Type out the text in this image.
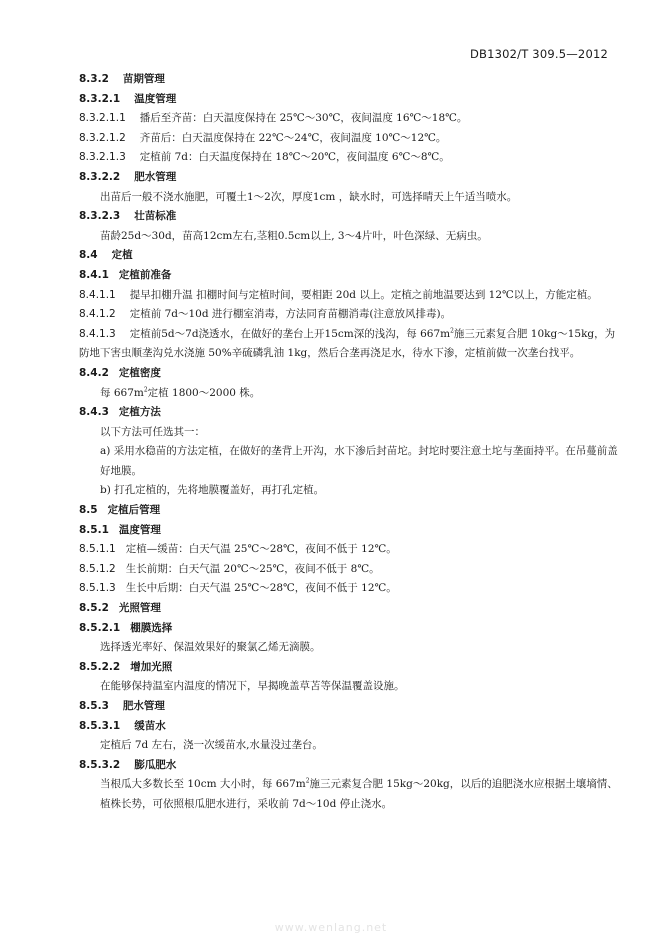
DB1302/T 309.5—2012
8.3.2 苗期管理
8.3.2.1 温度管理
8.3.2.1.1 播后至齐苗：白天温度保持在 25℃～30℃，夜间温度 16℃～18℃。
8.3.2.1.2 齐苗后：白天温度保持在 22℃～24℃，夜间温度 10℃～12℃。
8.3.2.1.3 定植前 7d：白天温度保持在 18℃～20℃，夜间温度 6℃～8℃。
8.3.2.2 肥水管理
出苗后一般不浇水施肥，可覆土1～2次，厚度1cm ，缺水时，可选择晴天上午适当喷水。
8.3.2.3 壮苗标准
苗龄25d～30d，苗高12cm左右,茎粗0.5cm以上, 3～4片叶，叶色深绿、无病虫。
8.4 定植
8.4.1 定植前准备
8.4.1.1 提早扣棚升温 扣棚时间与定植时间，要相距 20d 以上。定植之前地温要达到 12℃以上，方能定植。
8.4.1.2 定植前 7d～10d 进行棚室消毒，方法同育苗棚消毒(注意放风排毒)。
8.4.1.3 定植前5d～7d浇透水，在做好的垄台上开15cm深的浅沟，每 $667m^2$施三元素复合肥 10kg～15kg，为防地下害虫顺垄沟兑水浇施 50%辛硫磷乳油 1kg，然后合垄再浇足水，待水下渗，定植前做一次垄台找平。
8.4.2 定植密度
每 $667m^2$定植 1800～2000 株。
8.4.3 定植方法
以下方法可任选其一：
a) 采用水稳苗的方法定植，在做好的垄背上开沟，水下渗后封苗坨。封坨时要注意土坨与垄面持平。在吊蔓前盖好地膜。
b) 打孔定植的，先将地膜覆盖好，再打孔定植。
8.5 定植后管理
8.5.1 温度管理
8.5.1.1 定植—缓苗：白天气温 25℃～28℃，夜间不低于 12℃。
8.5.1.2 生长前期：白天气温 20℃～25℃，夜间不低于 8℃。
8.5.1.3 生长中后期：白天气温 25℃～28℃，夜间不低于 12℃。
8.5.2 光照管理
8.5.2.1 棚膜选择
选择透光率好、保温效果好的聚氯乙烯无滴膜。
8.5.2.2 增加光照
在能够保持温室内温度的情况下，早揭晚盖草苫等保温覆盖设施。
8.5.3 肥水管理
8.5.3.1 缓苗水
定植后 7d 左右，浇一次缓苗水,水量没过垄台。
8.5.3.2 膨瓜肥水
当根瓜大多数长至 10cm 大小时，每 $667m^2$施三元素复合肥 15kg～20kg，以后的追肥浇水应根据土壤墒情、植株长势，可依照根瓜肥水进行，采收前 7d～10d 停止浇水。
www.wenlang.net
